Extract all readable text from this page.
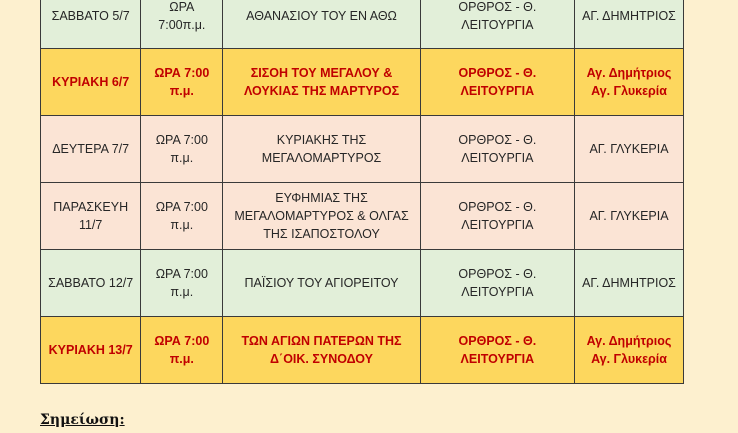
ΣΑΒΒΑΤΟ 5/7	ΩΡΑ 7:00π.μ.	ΑΘΑΝΑΣΙΟΥ ΤΟΥ ΕΝ ΑΘΩ	ΟΡΘΡΟΣ - Θ. ΛΕΙΤΟΥΡΓΙΑ	ΑΓ. ΔΗΜΗΤΡΙΟΣ
ΚΥΡΙΑΚΗ 6/7	ΩΡΑ 7:00 π.μ.	ΣΙΣΟΗ ΤΟΥ ΜΕΓΑΛΟΥ & ΛΟΥΚΙΑΣ ΤΗΣ ΜΑΡΤΥΡΟΣ	ΟΡΘΡΟΣ - Θ. ΛΕΙΤΟΥΡΓΙΑ	Αγ. Δημήτριος Αγ. Γλυκερία
ΔΕΥΤΕΡΑ 7/7	ΩΡΑ 7:00 π.μ.	ΚΥΡΙΑΚΗΣ ΤΗΣ ΜΕΓΑΛΟΜΑΡΤΥΡΟΣ	ΟΡΘΡΟΣ - Θ. ΛΕΙΤΟΥΡΓΙΑ	ΑΓ. ΓΛΥΚΕΡΙΑ
ΠΑΡΑΣΚΕΥΗ 11/7	ΩΡΑ 7:00 π.μ.	ΕΥΦΗΜΙΑΣ ΤΗΣ ΜΕΓΑΛΟΜΑΡΤΥΡΟΣ & ΟΛΓΑΣ ΤΗΣ ΙΣΑΠΟΣΤΟΛΟΥ	ΟΡΘΡΟΣ - Θ. ΛΕΙΤΟΥΡΓΙΑ	ΑΓ. ΓΛΥΚΕΡΙΑ
ΣΑΒΒΑΤΟ 12/7	ΩΡΑ 7:00 π.μ.	ΠΑΪΣΙΟΥ ΤΟΥ ΑΓΙΟΡΕΙΤΟΥ	ΟΡΘΡΟΣ - Θ. ΛΕΙΤΟΥΡΓΙΑ	ΑΓ. ΔΗΜΗΤΡΙΟΣ
ΚΥΡΙΑΚΗ 13/7	ΩΡΑ 7:00 π.μ.	ΤΩΝ ΑΓΙΩΝ ΠΑΤΕΡΩΝ ΤΗΣ Δ΄ΟΙΚ. ΣΥΝΟΔΟΥ	ΟΡΘΡΟΣ - Θ. ΛΕΙΤΟΥΡΓΙΑ	Αγ. Δημήτριος Αγ. Γλυκερία
Σημείωση:
